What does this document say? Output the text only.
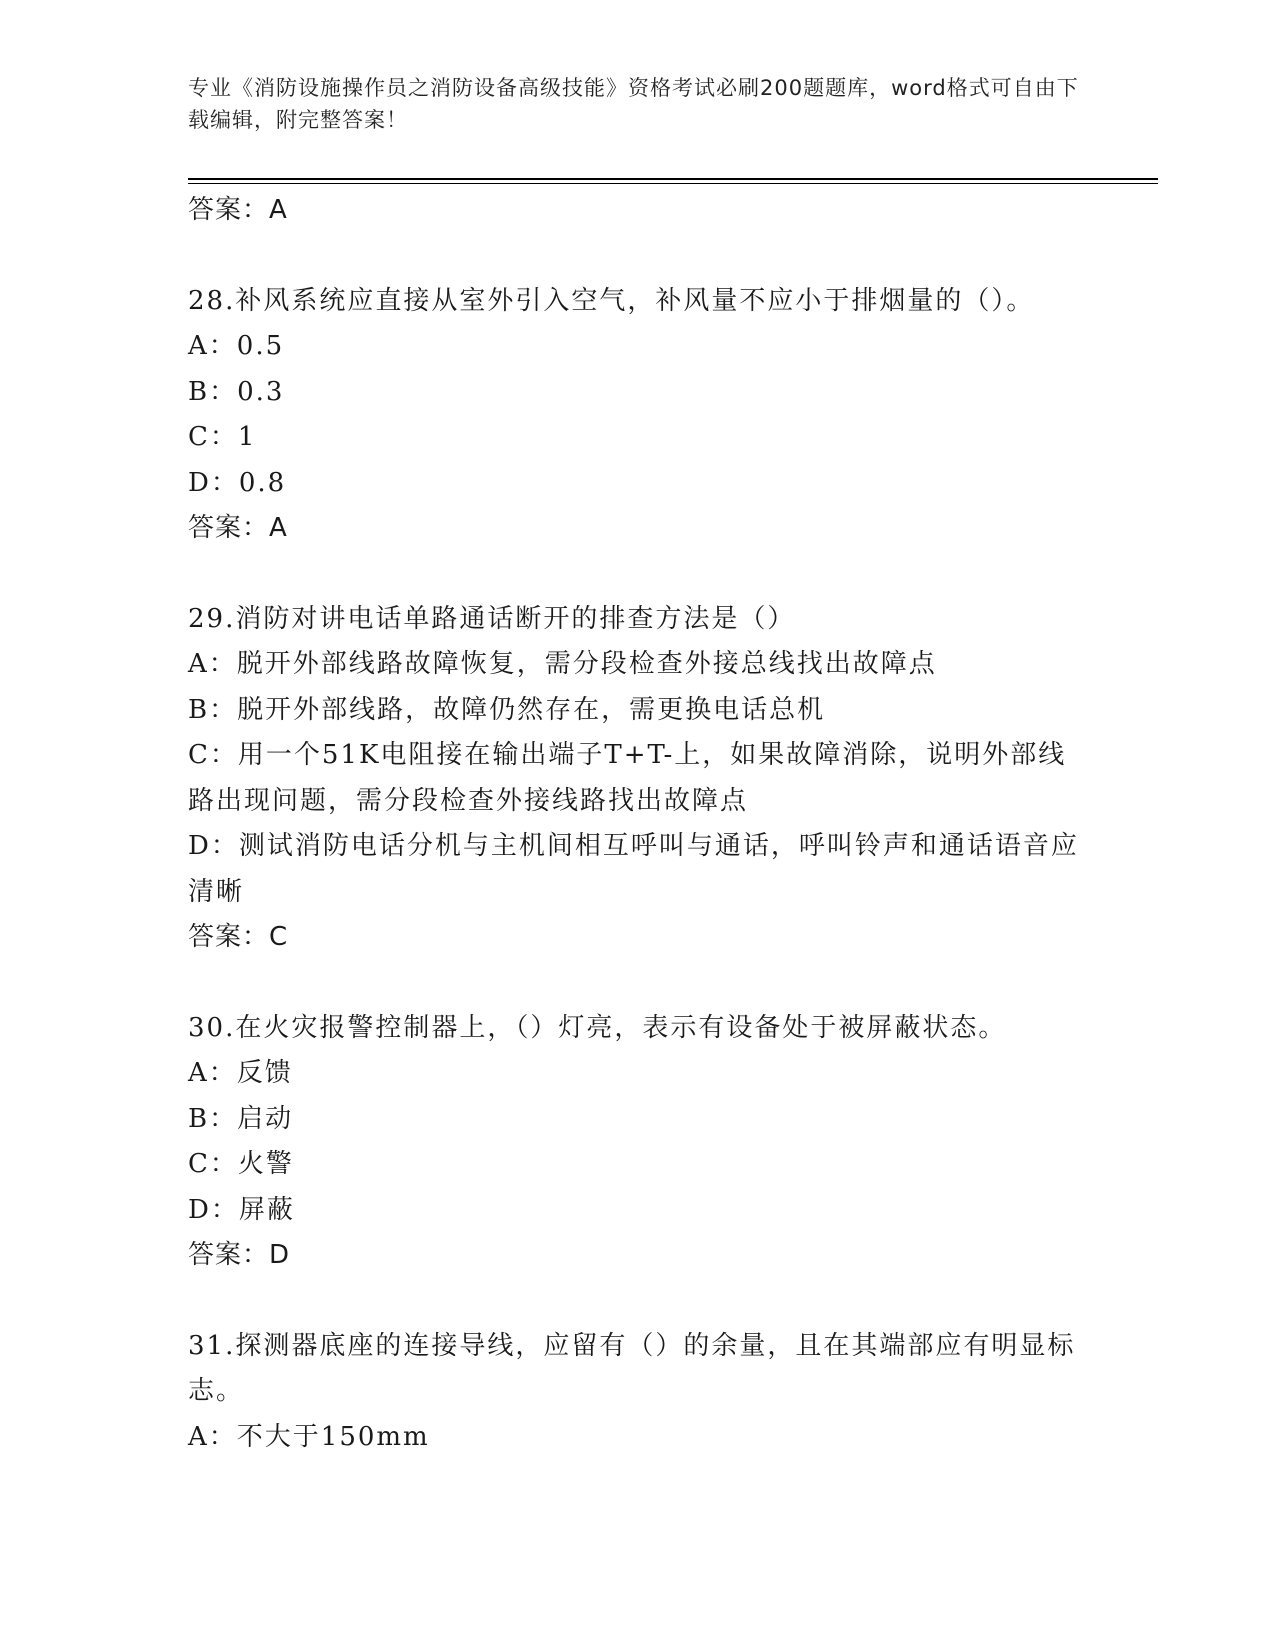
专业《消防设施操作员之消防设备高级技能》资格考试必刷200题题库，word格式可自由下载编辑，附完整答案！
答案：A
28.补风系统应直接从室外引入空气，补风量不应小于排烟量的（）。
A：0.5
B：0.3
C：1
D：0.8
答案：A
29.消防对讲电话单路通话断开的排查方法是（）
A：脱开外部线路故障恢复，需分段检查外接总线找出故障点
B：脱开外部线路，故障仍然存在，需更换电话总机
C：用一个51K电阻接在输出端子T+T-上，如果故障消除，说明外部线路出现问题，需分段检查外接线路找出故障点
D：测试消防电话分机与主机间相互呼叫与通话，呼叫铃声和通话语音应清晰
答案：C
30.在火灾报警控制器上，（）灯亮，表示有设备处于被屏蔽状态。
A：反馈
B：启动
C：火警
D：屏蔽
答案：D
31.探测器底座的连接导线，应留有（）的余量，且在其端部应有明显标志。
A：不大于150mm
